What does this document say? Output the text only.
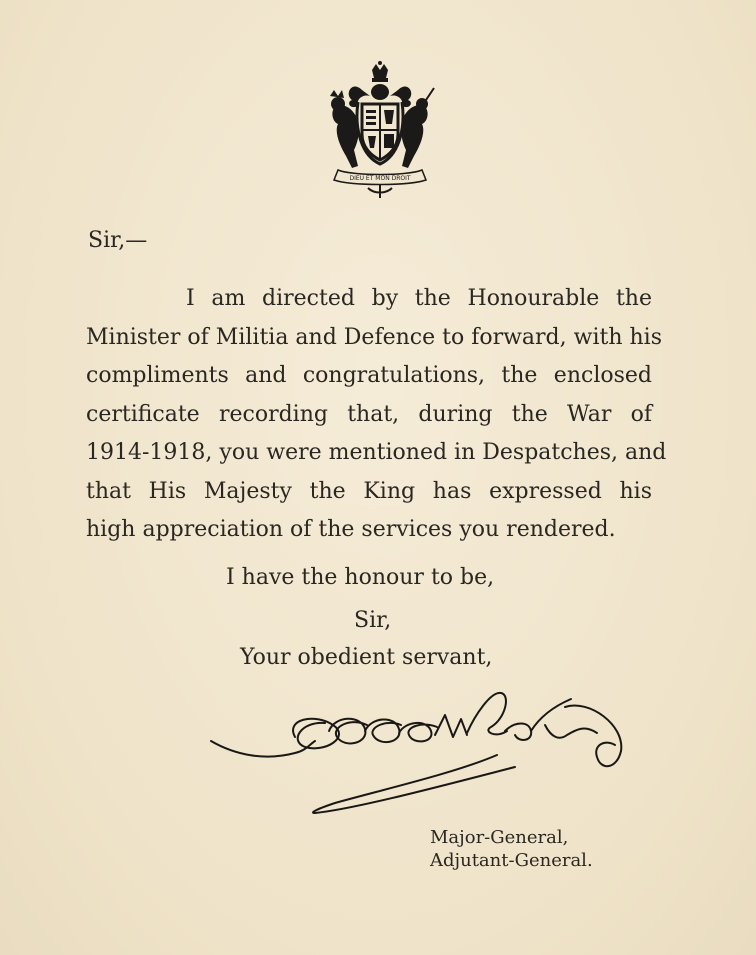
DIEU ET MON DROIT
Sir,—
I am directed by the Honourable the
Minister of Militia and Defence to forward, with his
compliments and congratulations, the enclosed
certificate recording that, during the War of
1914-1918, you were mentioned in Despatches, and
that His Majesty the King has expressed his
high appreciation of the services you rendered.
I have the honour to be,
Sir,
Your obedient servant,
Major-General,
Adjutant-General.
